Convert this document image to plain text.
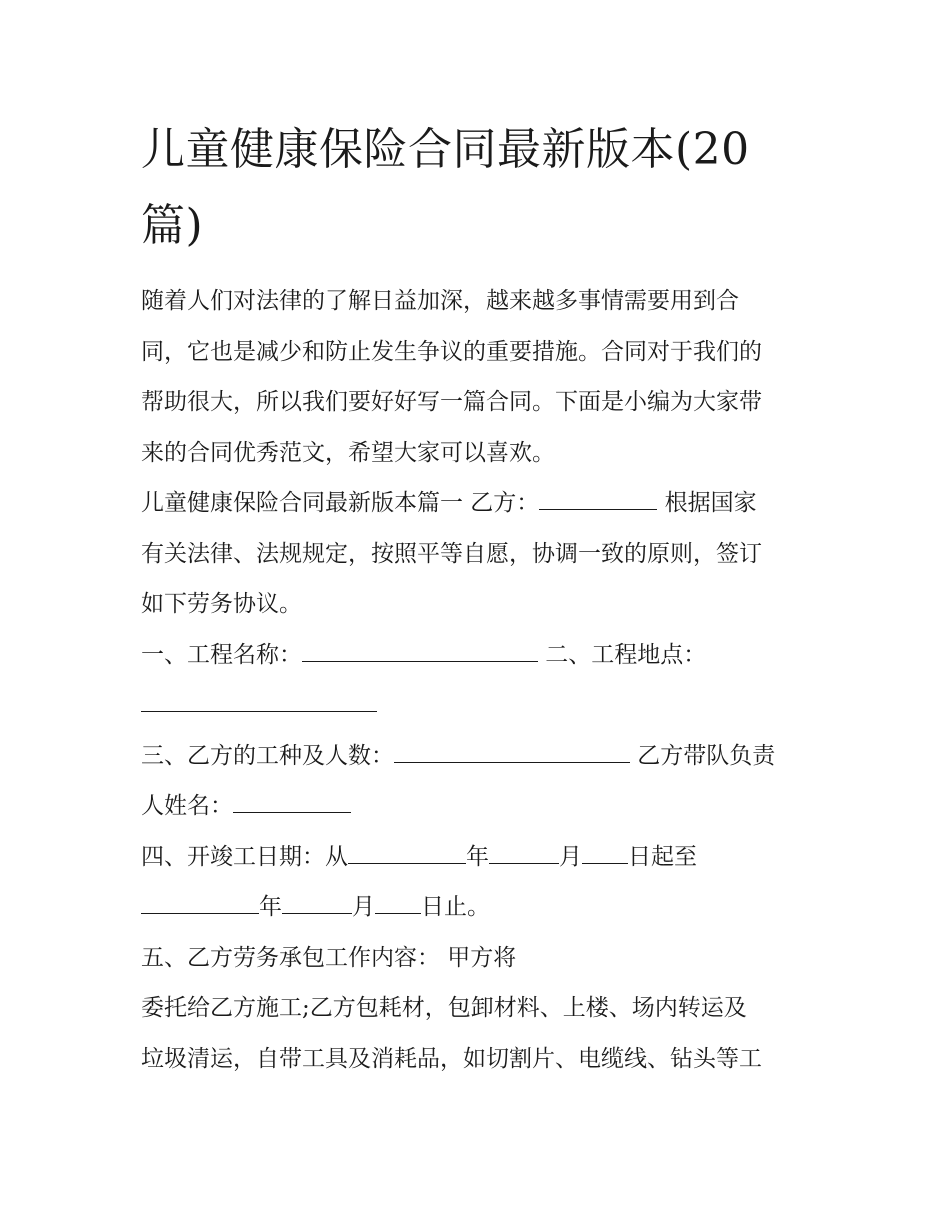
儿童健康保险合同最新版本(20
篇)

随着人们对法律的了解日益加深，越来越多事情需要用到合
同，它也是减少和防止发生争议的重要措施。合同对于我们的
帮助很大，所以我们要好好写一篇合同。下面是小编为大家带
来的合同优秀范文，希望大家可以喜欢。

儿童健康保险合同最新版本篇一 乙方：	根据国家
有关法律、法规规定，按照平等自愿，协调一致的原则，签订
如下劳务协议。

一、工程名称：	二、工程地点：

三、乙方的工种及人数：	乙方带队负责
人姓名：

四、开竣工日期：从	年	月 日起至
年	月 日止。

五、乙方劳务承包工作内容： 甲方将
委托给乙方施工;乙方包耗材，包卸材料、上楼、场内转运及
垃圾清运，自带工具及消耗品，如切割片、电缆线、钻头等工
